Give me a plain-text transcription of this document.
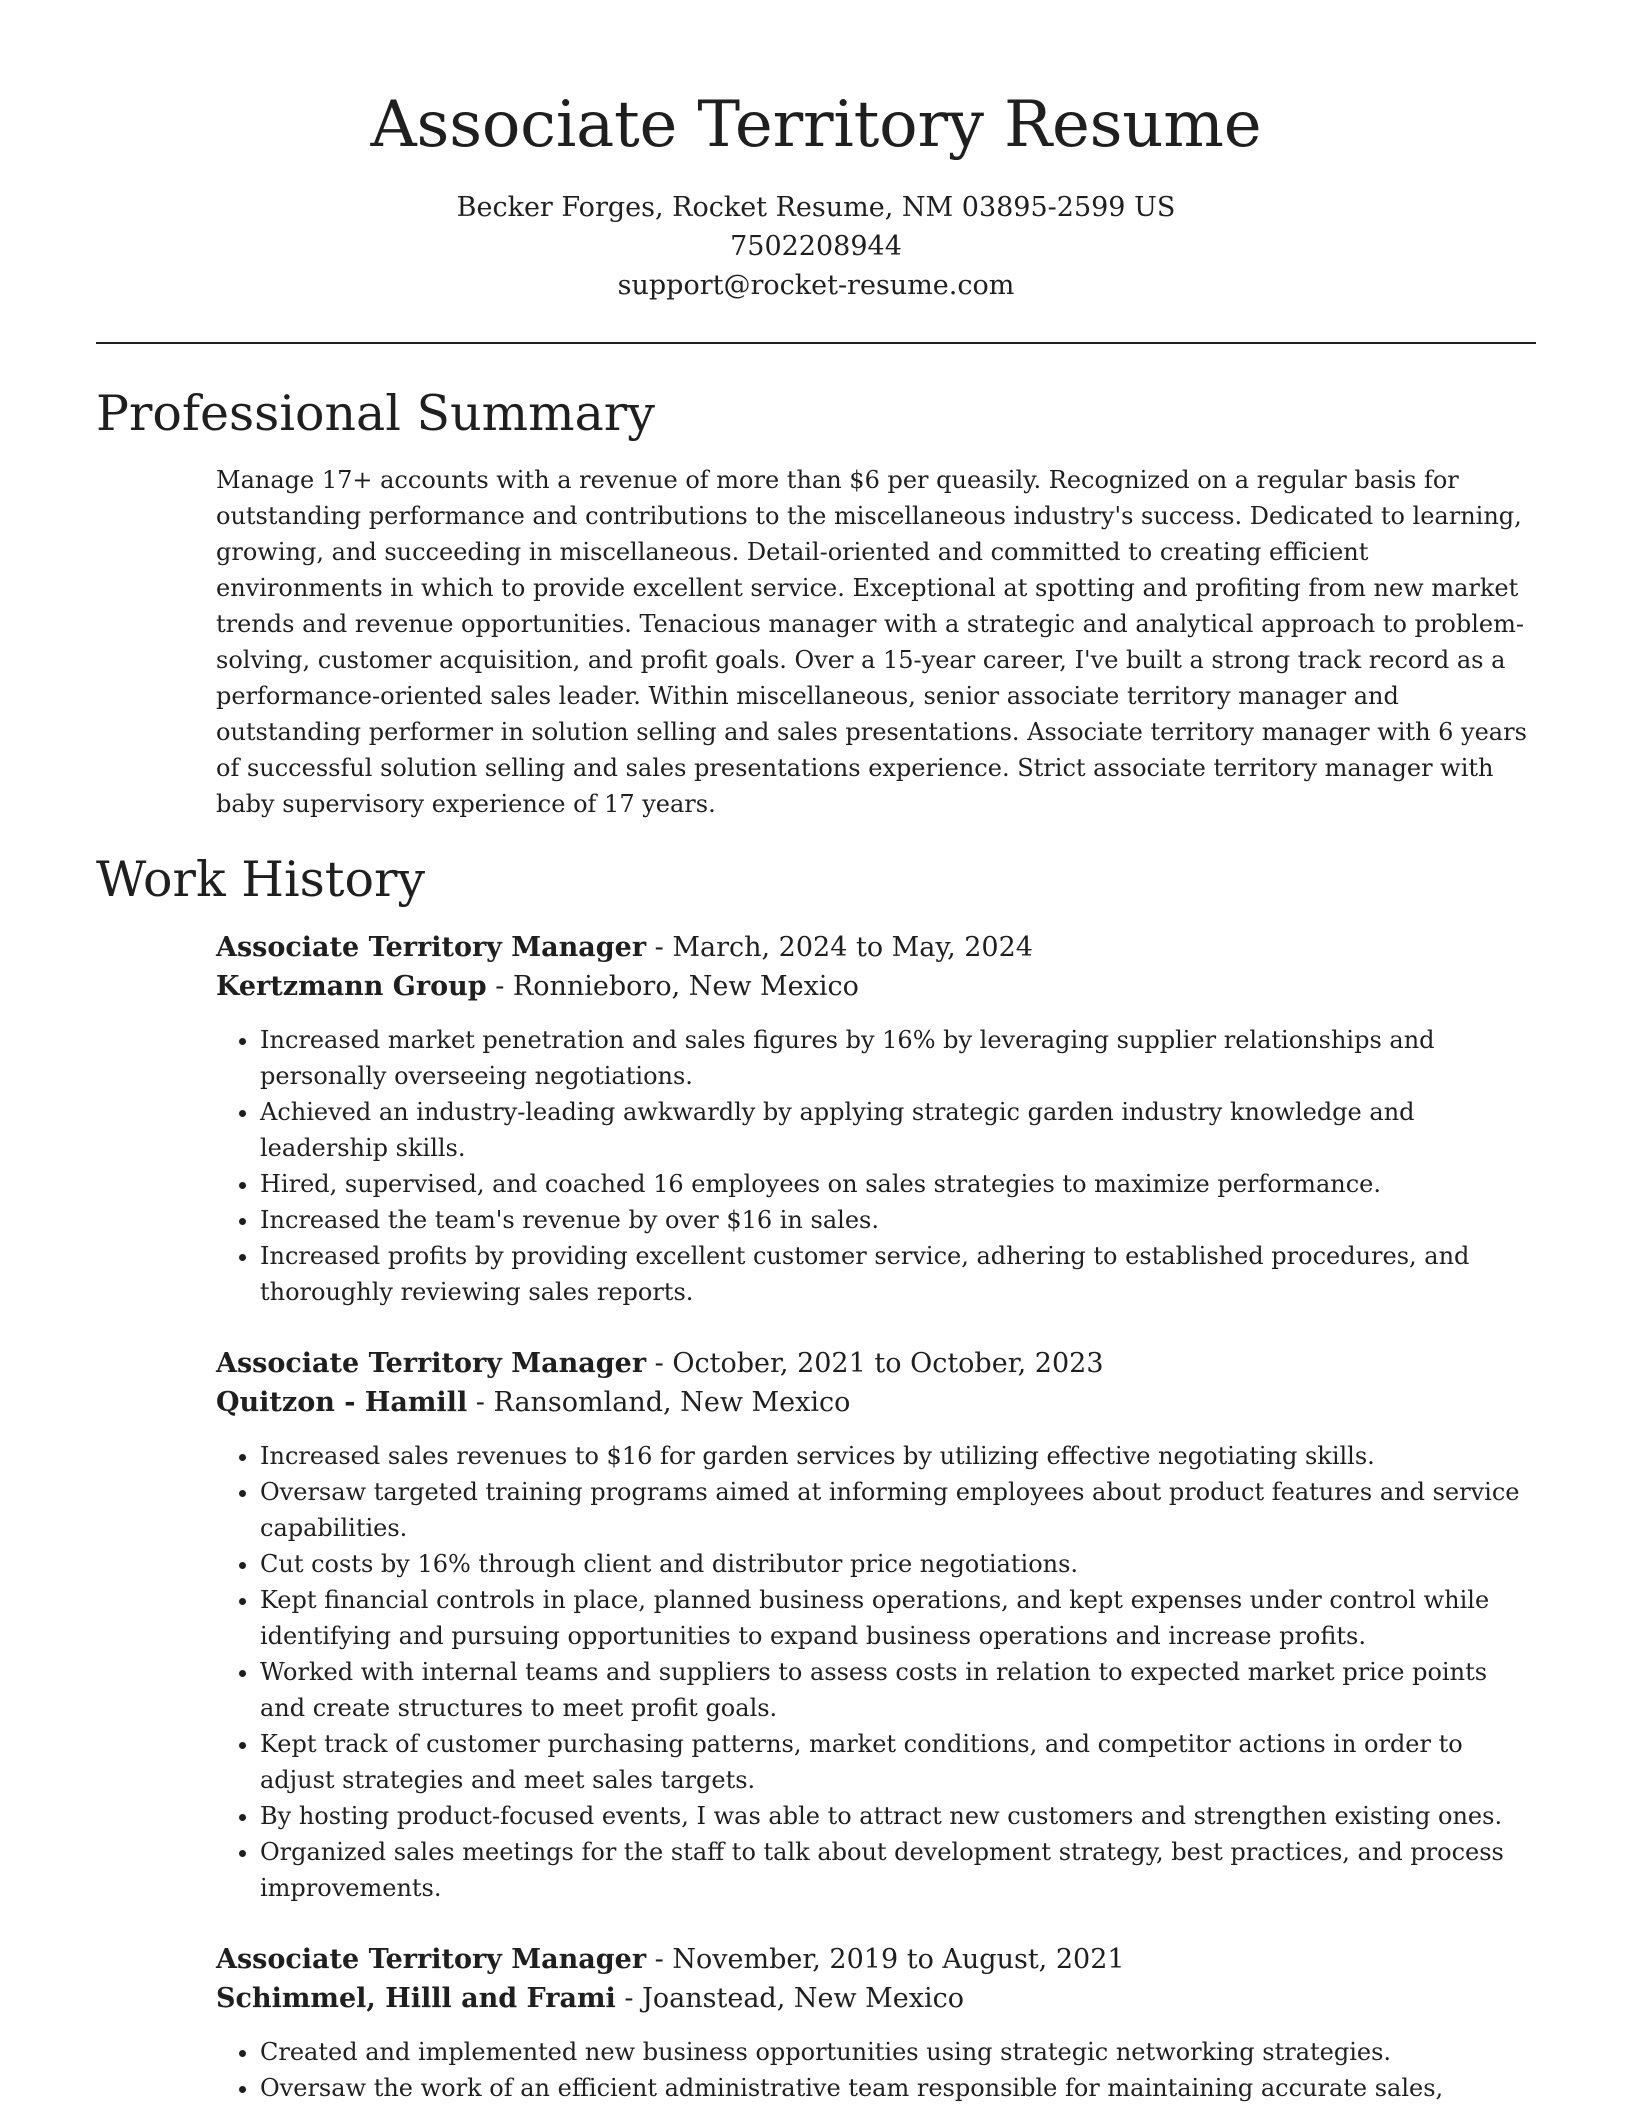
Associate Territory Resume

Becker Forges, Rocket Resume, NM 03895-2599 US

7502208944

support@rocket-resume.com

Professional Summary

Manage 17+ accounts with a revenue of more than $6 per queasily. Recognized on a regular basis for outstanding performance and contributions to the miscellaneous industry's success. Dedicated to learning, growing, and succeeding in miscellaneous. Detail-oriented and committed to creating efficient environments in which to provide excellent service. Exceptional at spotting and profiting from new market trends and revenue opportunities. Tenacious manager with a strategic and analytical approach to problem-solving, customer acquisition, and profit goals. Over a 15-year career, I've built a strong track record as a performance-oriented sales leader. Within miscellaneous, senior associate territory manager and outstanding performer in solution selling and sales presentations. Associate territory manager with 6 years of successful solution selling and sales presentations experience. Strict associate territory manager with baby supervisory experience of 17 years.

Work History

Associate Territory Manager - March, 2024 to May, 2024

Kertzmann Group - Ronnieboro, New Mexico

• Increased market penetration and sales figures by 16% by leveraging supplier relationships and personally overseeing negotiations.
• Achieved an industry-leading awkwardly by applying strategic garden industry knowledge and leadership skills.
• Hired, supervised, and coached 16 employees on sales strategies to maximize performance.
• Increased the team's revenue by over $16 in sales.
• Increased profits by providing excellent customer service, adhering to established procedures, and thoroughly reviewing sales reports.

Associate Territory Manager - October, 2021 to October, 2023

Quitzon - Hamill - Ransomland, New Mexico

• Increased sales revenues to $16 for garden services by utilizing effective negotiating skills.
• Oversaw targeted training programs aimed at informing employees about product features and service capabilities.
• Cut costs by 16% through client and distributor price negotiations.
• Kept financial controls in place, planned business operations, and kept expenses under control while identifying and pursuing opportunities to expand business operations and increase profits.
• Worked with internal teams and suppliers to assess costs in relation to expected market price points and create structures to meet profit goals.
• Kept track of customer purchasing patterns, market conditions, and competitor actions in order to adjust strategies and meet sales targets.
• By hosting product-focused events, I was able to attract new customers and strengthen existing ones.
• Organized sales meetings for the staff to talk about development strategy, best practices, and process improvements.

Associate Territory Manager - November, 2019 to August, 2021

Schimmel, Hilll and Frami - Joanstead, New Mexico

• Created and implemented new business opportunities using strategic networking strategies.
• Oversaw the work of an efficient administrative team responsible for maintaining accurate sales,
